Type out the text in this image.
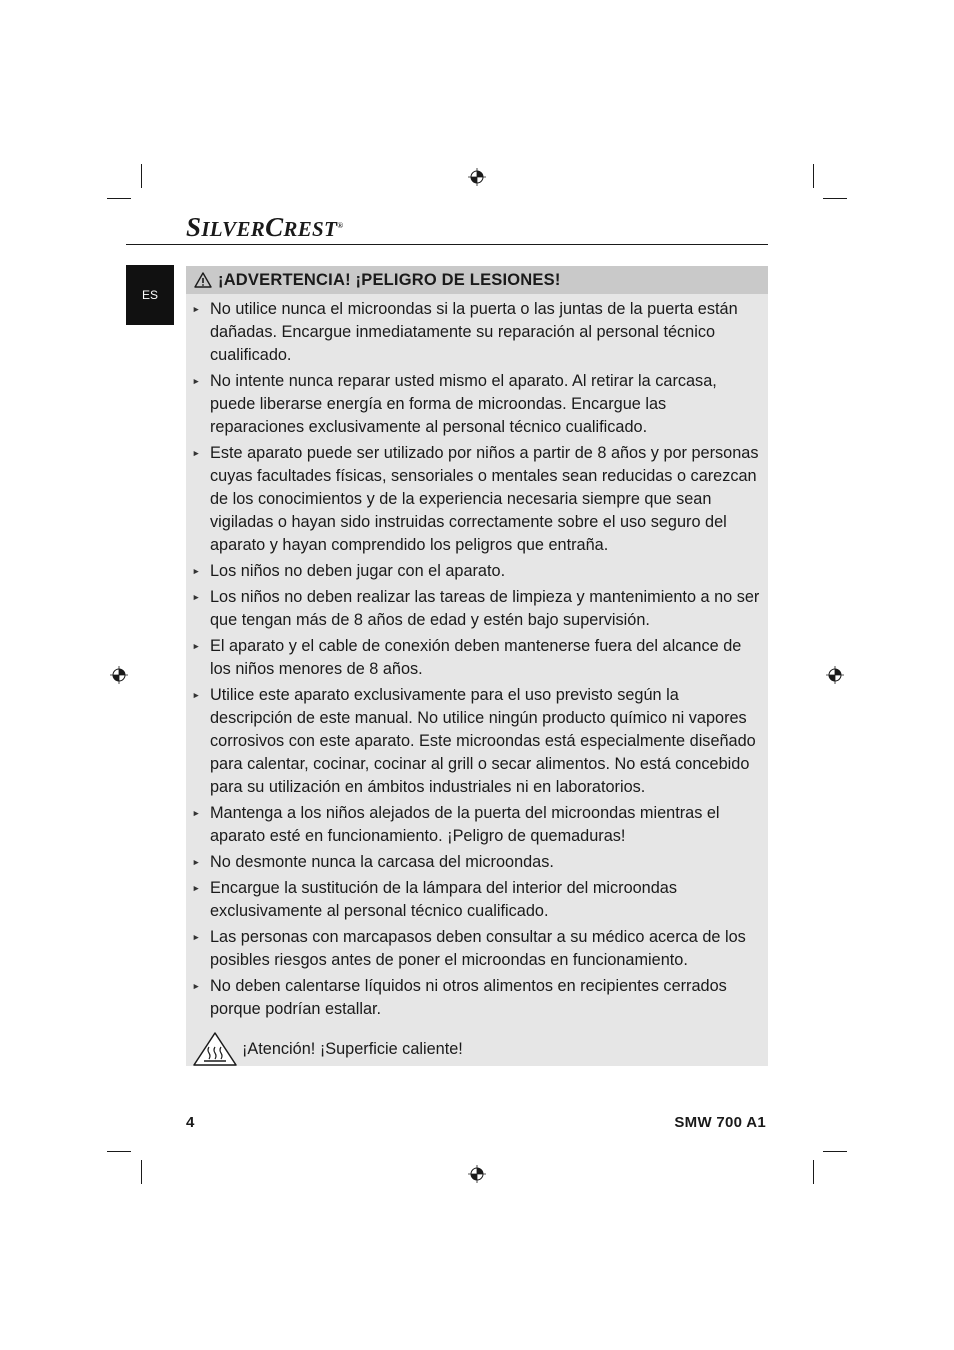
SILVERCREST®
ES
¡ADVERTENCIA! ¡PELIGRO DE LESIONES!
► No utilice nunca el microondas si la puerta o las juntas de la puerta están dañadas. Encargue inmediatamente su reparación al personal técnico cualificado.
► No intente nunca reparar usted mismo el aparato. Al retirar la carcasa, puede liberarse energía en forma de microondas. Encargue las reparaciones exclusivamente al personal técnico cualificado.
► Este aparato puede ser utilizado por niños a partir de 8 años y por personas cuyas facultades físicas, sensoriales o mentales sean reducidas o carezcan de los conocimientos y de la experiencia necesaria siempre que sean vigiladas o hayan sido instruidas correctamente sobre el uso seguro del aparato y hayan comprendido los peligros que entraña.
► Los niños no deben jugar con el aparato.
► Los niños no deben realizar las tareas de limpieza y mantenimiento a no ser que tengan más de 8 años de edad y estén bajo supervisión.
► El aparato y el cable de conexión deben mantenerse fuera del alcance de los niños menores de 8 años.
► Utilice este aparato exclusivamente para el uso previsto según la descripción de este manual. No utilice ningún producto químico ni vapores corrosivos con este aparato. Este microondas está especialmente diseñado para calentar, cocinar, cocinar al grill o secar alimentos. No está concebido para su utilización en ámbitos industriales ni en laboratorios.
► Mantenga a los niños alejados de la puerta del microondas mientras el aparato esté en funcionamiento. ¡Peligro de quemaduras!
► No desmonte nunca la carcasa del microondas.
► Encargue la sustitución de la lámpara del interior del microondas exclusivamente al personal técnico cualificado.
► Las personas con marcapasos deben consultar a su médico acerca de los posibles riesgos antes de poner el microondas en funcionamiento.
► No deben calentarse líquidos ni otros alimentos en recipientes cerrados porque podrían estallar.
¡Atención! ¡Superficie caliente!
4	SMW 700 A1
